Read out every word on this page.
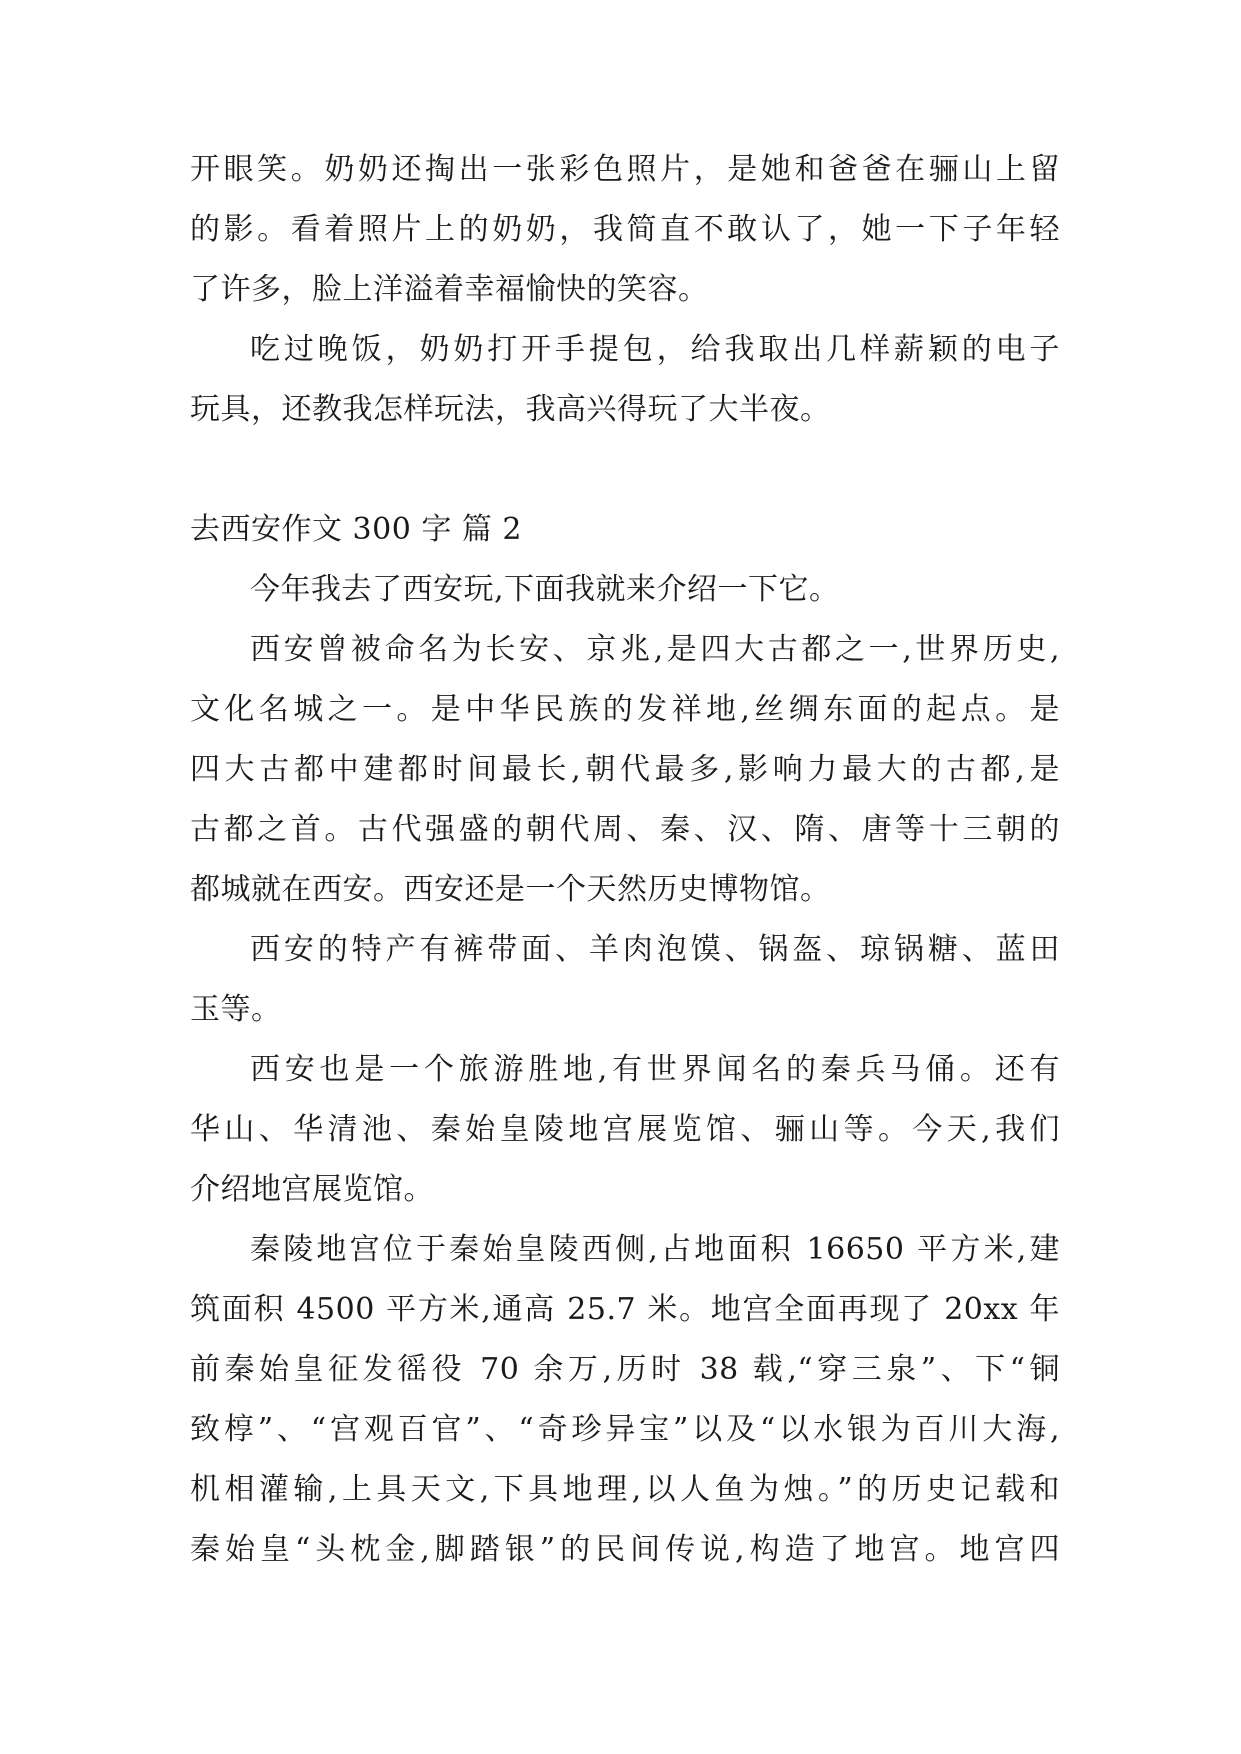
开眼笑。奶奶还掏出一张彩色照片，是她和爸爸在骊山上留
的影。看着照片上的奶奶，我简直不敢认了，她一下子年轻
了许多，脸上洋溢着幸福愉快的笑容。
吃过晚饭，奶奶打开手提包，给我取出几样薪颖的电子
玩具，还教我怎样玩法，我高兴得玩了大半夜。
去西安作文 300 字 篇 2
今年我去了西安玩,下面我就来介绍一下它。
西安曾被命名为长安、京兆,是四大古都之一,世界历史,
文化名城之一。是中华民族的发祥地,丝绸东面的起点。是
四大古都中建都时间最长,朝代最多,影响力最大的古都,是
古都之首。古代强盛的朝代周、秦、汉、隋、唐等十三朝的
都城就在西安。西安还是一个天然历史博物馆。
西安的特产有裤带面、羊肉泡馍、锅盔、琼锅糖、蓝田
玉等。
西安也是一个旅游胜地,有世界闻名的秦兵马俑。还有
华山、华清池、秦始皇陵地宫展览馆、骊山等。今天,我们
介绍地宫展览馆。
秦陵地宫位于秦始皇陵西侧,占地面积 16650 平方米,建
筑面积 4500 平方米,通高 25.7 米。地宫全面再现了 20xx 年
前秦始皇征发徭役 70 余万,历时 38 载,“穿三泉”、下“铜
致椁”、“宫观百官”、“奇珍异宝”以及“以水银为百川大海,
机相灌输,上具天文,下具地理,以人鱼为烛。”的历史记载和
秦始皇“头枕金,脚踏银”的民间传说,构造了地宫。地宫四
